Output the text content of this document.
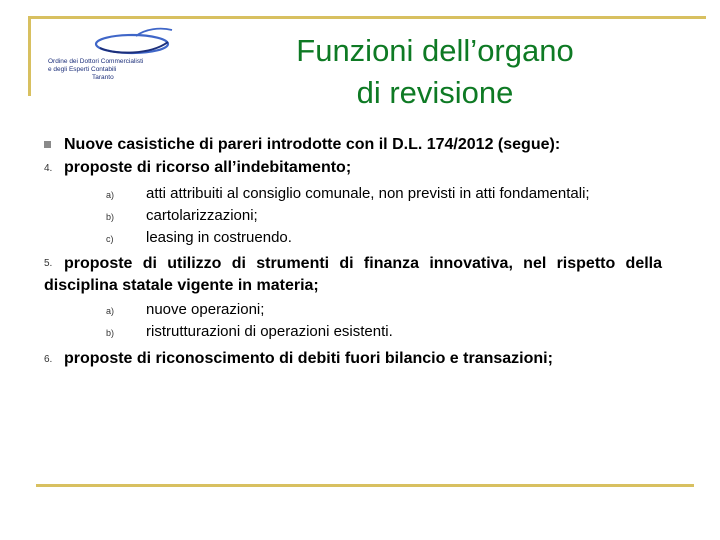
Ordine dei Dottori Commercialisti
e degli Esperti Contabili
Taranto
Funzioni dell’organo
di revisione
Nuove casistiche di pareri introdotte con il D.L. 174/2012 (segue):
4. proposte di ricorso all’indebitamento;
a) atti attribuiti al consiglio comunale, non previsti in atti fondamentali;
b) cartolarizzazioni;
c) leasing in costruendo.
5. proposte di utilizzo di strumenti di finanza innovativa, nel rispetto della
disciplina statale vigente in materia;
a) nuove operazioni;
b) ristrutturazioni di operazioni esistenti.
6. proposte di riconoscimento di debiti fuori bilancio e transazioni;
